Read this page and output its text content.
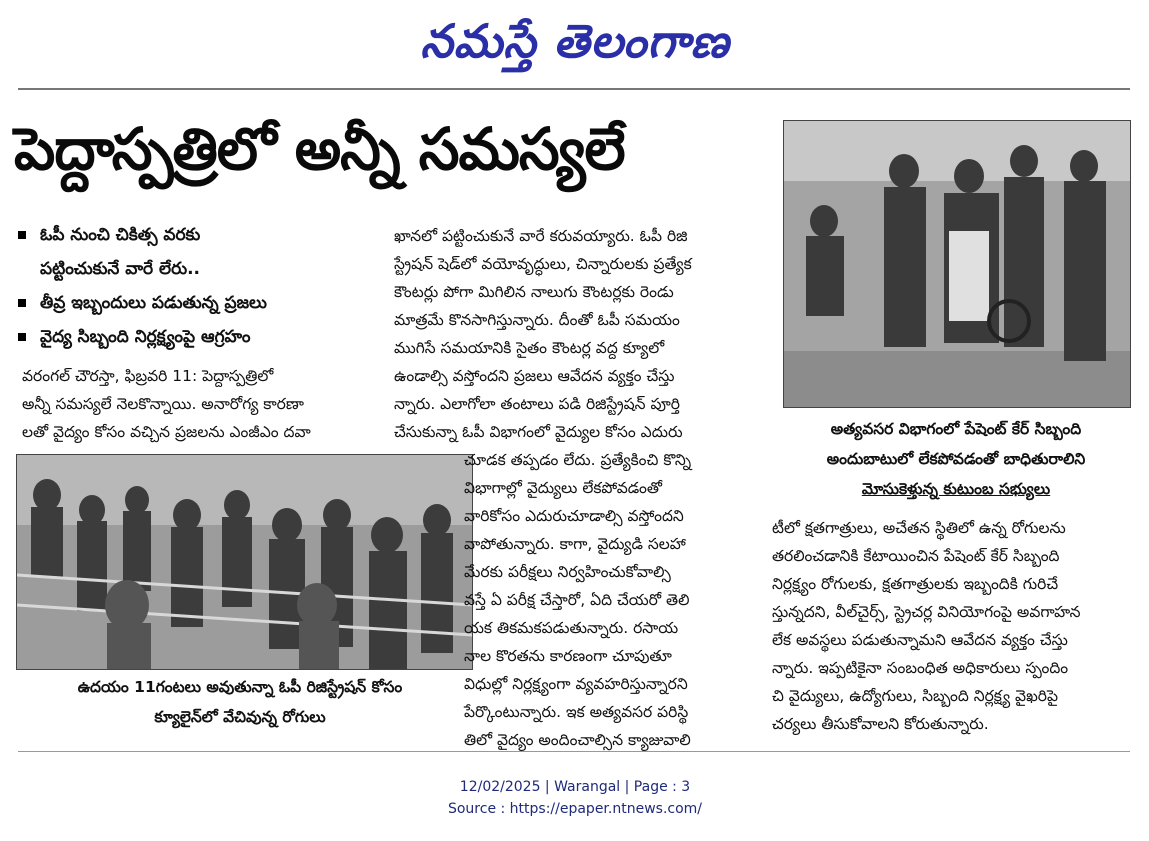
నమస్తే తెలంగాణ
పెద్దాస్పత్రిలో అన్నీ సమస్యలే
ఓపీ నుంచి చికిత్స వరకు
పట్టించుకునే వారే లేరు..
తీవ్ర ఇబ్బందులు పడుతున్న ప్రజలు
వైద్య సిబ్బంది నిర్లక్ష్యంపై ఆగ్రహం

వరంగల్ చౌరస్తా, ఫిబ్రవరి 11: పెద్దాస్పత్రిలో

అన్నీ సమస్యలే నెలకొన్నాయి. అనారోగ్య కారణా

లతో వైద్యం కోసం వచ్చిన ప్రజలను ఎంజీఎం దవా

ఉదయం 11గంటలు అవుతున్నా ఓపీ రిజిస్ట్రేషన్ కోసం
క్యూలైన్‌లో వేచివున్న రోగులు

ఖానలో పట్టించుకునే వారే కరువయ్యారు. ఓపీ రిజి

స్ట్రేషన్ షెడ్‌లో వయోవృద్ధులు, చిన్నారులకు ప్రత్యేక

కౌంటర్లు పోగా మిగిలిన నాలుగు కౌంటర్లకు రెండు

మాత్రమే కొనసాగిస్తున్నారు. దీంతో ఓపీ సమయం

ముగిసే సమయానికి సైతం కౌంటర్ల వద్ద క్యూలో

ఉండాల్సి వస్తోందని ప్రజలు ఆవేదన వ్యక్తం చేస్తు

న్నారు. ఎలాగోలా తంటాలు పడి రిజిస్ట్రేషన్ పూర్తి

చేసుకున్నా ఓపీ విభాగంలో వైద్యుల కోసం ఎదురు

చూడక తప్పడం లేదు. ప్రత్యేకించి కొన్ని

విభాగాల్లో వైద్యులు లేకపోవడంతో

వారికోసం ఎదురుచూడాల్సి వస్తోందని

వాపోతున్నారు. కాగా, వైద్యుడి సలహా

మేరకు పరీక్షలు నిర్వహించుకోవాల్సి

వస్తే ఏ పరీక్ష చేస్తారో, ఏది చేయరో తెలి

యక తికమకపడుతున్నారు. రసాయ

నాల కొరతను కారణంగా చూపుతూ

విధుల్లో నిర్లక్ష్యంగా వ్యవహరిస్తున్నారని

పేర్కొంటున్నారు. ఇక అత్యవసర పరిస్థి

తిలో వైద్యం అందించాల్సిన క్యాజువాలి

అత్యవసర విభాగంలో పేషెంట్ కేర్ సిబ్బంది
అందుబాటులో లేకపోవడంతో బాధితురాలిని
మోసుకెళ్తున్న కుటుంబ సభ్యులు

టీలో క్షతగాత్రులు, అచేతన స్థితిలో ఉన్న రోగులను

తరలించడానికి కేటాయించిన పేషెంట్ కేర్ సిబ్బంది

నిర్లక్ష్యం రోగులకు, క్షతగాత్రులకు ఇబ్బందికి గురిచే

స్తున్నదని, వీల్‌చైర్స్, స్ట్రెచర్ల వినియోగంపై అవగాహన

లేక అవస్థలు పడుతున్నామని ఆవేదన వ్యక్తం చేస్తు

న్నారు. ఇప్పటికైనా సంబంధిత అధికారులు స్పందిం

చి వైద్యులు, ఉద్యోగులు, సిబ్బంది నిర్లక్ష్య వైఖరిపై

చర్యలు తీసుకోవాలని కోరుతున్నారు.

12/02/2025 | Warangal | Page : 3
Source : https://epaper.ntnews.com/
